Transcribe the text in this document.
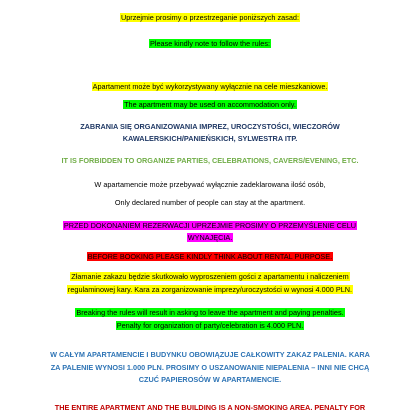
Uprzejmie prosimy o przestrzeganie poniższych zasad:
Please kindly note to follow the rules:
Apartament może być wykorzystywany wyłącznie na cele mieszkaniowe.
The apartment may be used on accommodation only.
ZABRANIA SIĘ ORGANIZOWANIA IMPREZ, UROCZYSTOŚCI, WIECZORÓW
KAWALERSKICH/PANIEŃSKICH, SYLWESTRA ITP.
IT IS FORBIDDEN TO ORGANIZE PARTIES, CELEBRATIONS, CAVERS/EVENING, ETC.
W apartamencie może przebywać wyłącznie zadeklarowana ilość osób,
Only declared number of people can stay at the apartment.
PRZED DOKONANIEM REZERWACJI UPRZEJMIE PROSIMY O PRZEMYŚLENIE CELU
WYNAJĘCIA.
BEFORE BOOKING PLEASE KINDLY THINK ABOUT RENTAL PURPOSE.
Złamanie zakazu będzie skutkowało wyproszeniem gości z apartamentu i naliczeniem
regulaminowej kary. Kara za zorganizowanie imprezy/uroczystości w wynosi 4.000 PLN.
Breaking the rules will result in asking to leave the apartment and paying penalties.
Penalty for organization of party/celebration is 4.000 PLN.
W CAŁYM APARTAMENCIE I BUDYNKU OBOWIĄZUJE CAŁKOWITY ZAKAZ PALENIA. KARA
ZA PALENIE WYNOSI 1.000 PLN. PROSIMY O USZANOWANIE NIEPALENIA – INNI NIE CHCĄ
CZUĆ PAPIEROSÓW W APARTAMENCIE.
THE ENTIRE APARTMENT AND THE BUILDING IS A NON-SMOKING AREA. PENALTY FOR
